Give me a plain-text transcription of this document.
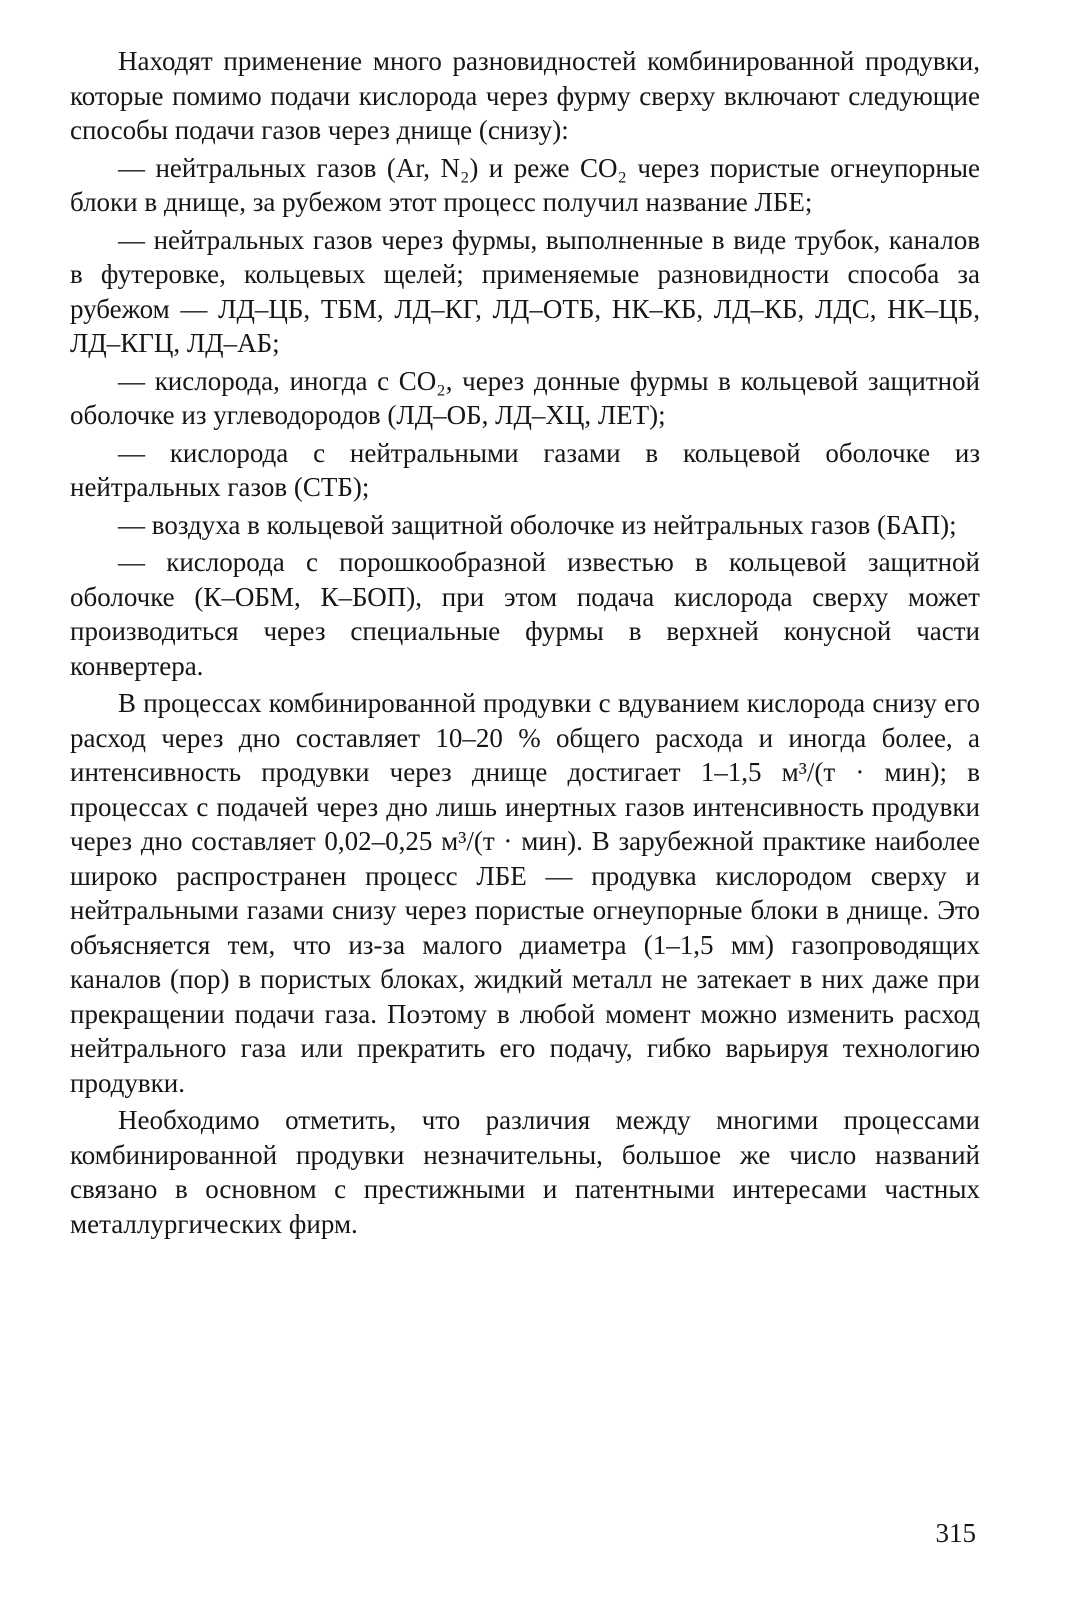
Находят применение много разновидностей комбинированной продувки, которые помимо подачи кислорода через фурму сверху включают следующие способы подачи газов через днище (снизу):

— нейтральных газов (Ar, N₂) и реже CO₂ через пористые огнеупорные блоки в днище, за рубежом этот процесс получил название ЛБЕ;

— нейтральных газов через фурмы, выполненные в виде трубок, каналов в футеровке, кольцевых щелей; применяемые разновидности способа за рубежом — ЛД–ЦБ, ТБМ, ЛД–КГ, ЛД–ОТБ, НК–КБ, ЛД–КБ, ЛДС, НК–ЦБ, ЛД–КГЦ, ЛД–АБ;

— кислорода, иногда с CO₂, через донные фурмы в кольцевой защитной оболочке из углеводородов (ЛД–ОБ, ЛД–ХЦ, ЛЕТ);

— кислорода с нейтральными газами в кольцевой оболочке из нейтральных газов (СТБ);

— воздуха в кольцевой защитной оболочке из нейтральных газов (БАП);

— кислорода с порошкообразной известью в кольцевой защитной оболочке (К–ОБМ, К–БОП), при этом подача кислорода сверху может производиться через специальные фурмы в верхней конусной части конвертера.

В процессах комбинированной продувки с вдуванием кислорода снизу его расход через дно составляет 10–20 % общего расхода и иногда более, а интенсивность продувки через днище достигает 1–1,5 м³/(т · мин); в процессах с подачей через дно лишь инертных газов интенсивность продувки через дно составляет 0,02–0,25 м³/(т · мин). В зарубежной практике наиболее широко распространен процесс ЛБЕ — продувка кислородом сверху и нейтральными газами снизу через пористые огнеупорные блоки в днище. Это объясняется тем, что из-за малого диаметра (1–1,5 мм) газопроводящих каналов (пор) в пористых блоках, жидкий металл не затекает в них даже при прекращении подачи газа. Поэтому в любой момент можно изменить расход нейтрального газа или прекратить его подачу, гибко варьируя технологию продувки.

Необходимо отметить, что различия между многими процессами комбинированной продувки незначительны, большое же число названий связано в основном с престижными и патентными интересами частных металлургических фирм.

315
